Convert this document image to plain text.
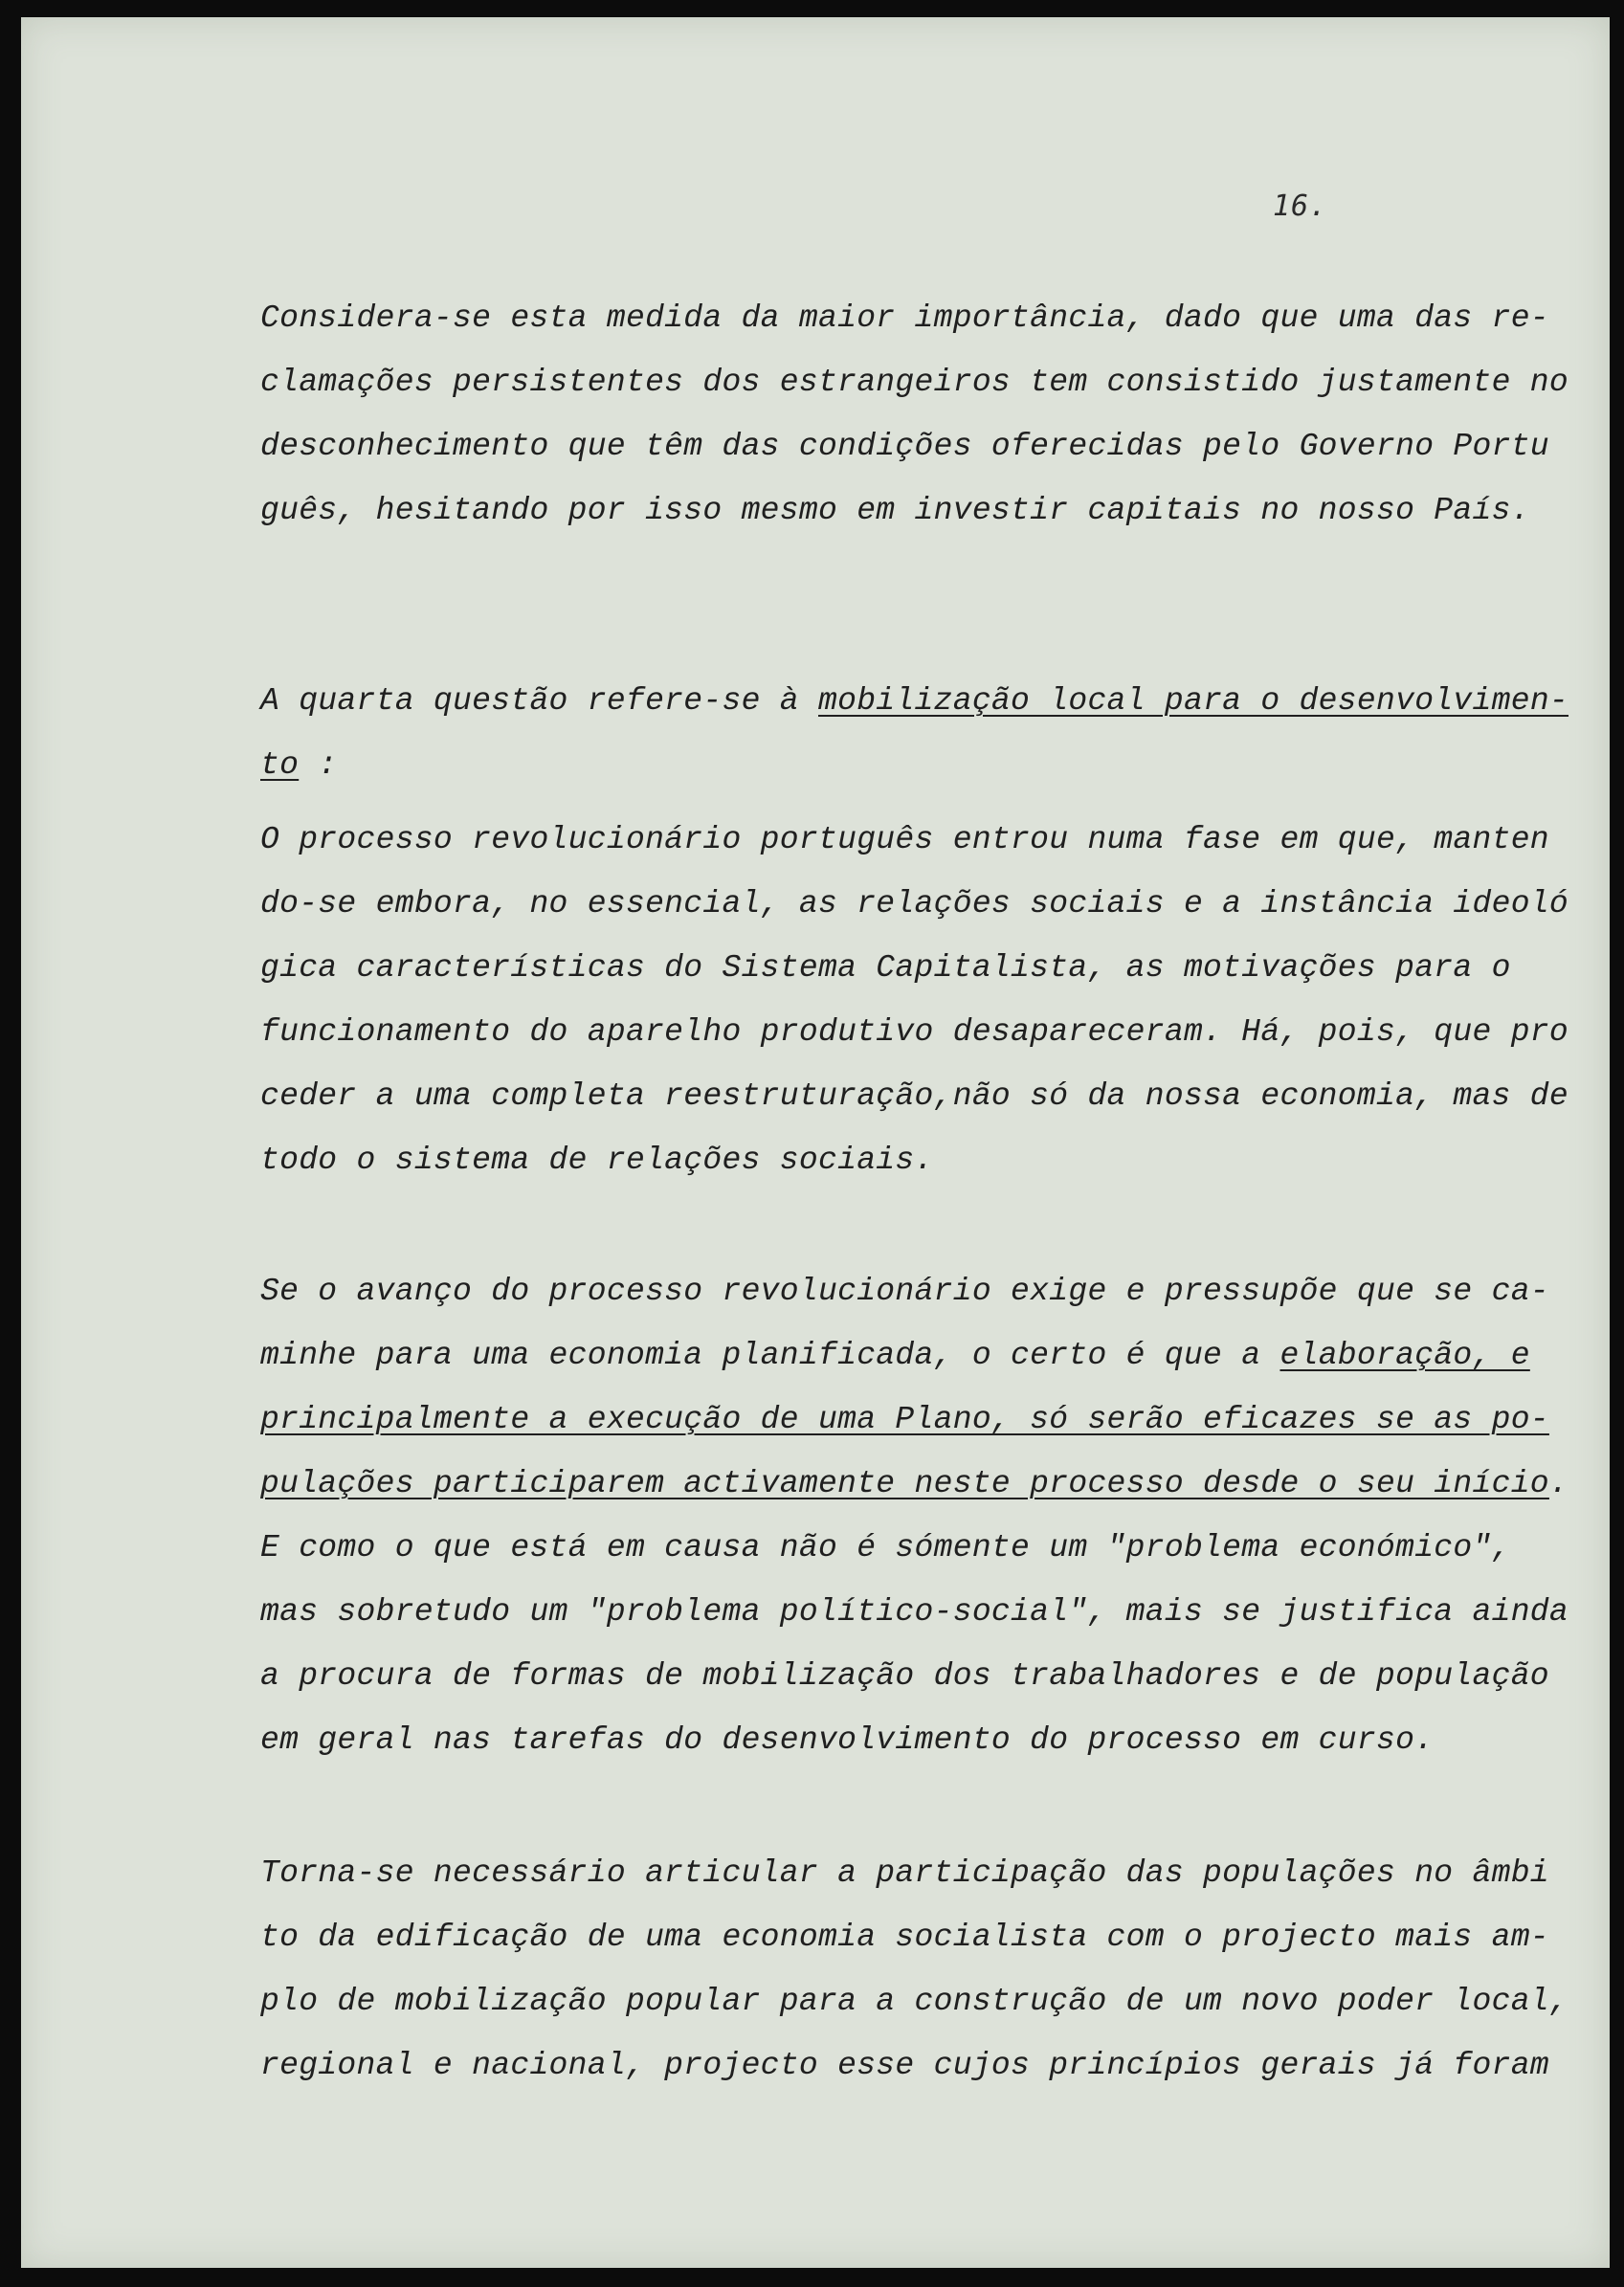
16.

Considera-se esta medida da maior importância, dado que uma das re-

clamações persistentes dos estrangeiros tem consistido justamente no

desconhecimento que têm das condições oferecidas pelo Governo Portu

guês, hesitando por isso mesmo em investir capitais no nosso País.

A quarta questão refere-se à mobilização local para o desenvolvimen-

to :

O processo revolucionário português entrou numa fase em que, manten

do-se embora, no essencial, as relações sociais e a instância ideoló

gica características do Sistema Capitalista, as motivações para o

funcionamento do aparelho produtivo desapareceram. Há, pois, que pro

ceder a uma completa reestruturação,não só da nossa economia, mas de

todo o sistema de relações sociais.

Se o avanço do processo revolucionário exige e pressupõe que se ca-

minhe para uma economia planificada, o certo é que a elaboração, e

principalmente a execução de uma Plano, só serão eficazes se as po-

pulações participarem activamente neste processo desde o seu início.

E como o que está em causa não é sómente um "problema económico",

mas sobretudo um "problema político-social", mais se justifica ainda

a procura de formas de mobilização dos trabalhadores e de população

em geral nas tarefas do desenvolvimento do processo em curso.

Torna-se necessário articular a participação das populações no âmbi

to da edificação de uma economia socialista com o projecto mais am-

plo de mobilização popular para a construção de um novo poder local,

regional e nacional, projecto esse cujos princípios gerais já foram
